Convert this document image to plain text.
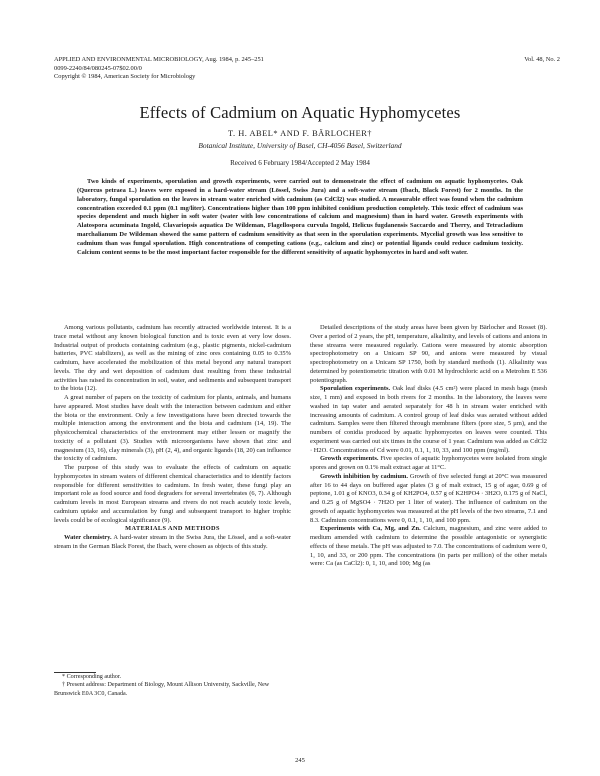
APPLIED AND ENVIRONMENTAL MICROBIOLOGY, Aug. 1984, p. 245–251
0099-2240/84/080245-07$02.00/0
Copyright © 1984, American Society for Microbiology
Vol. 48, No. 2
Effects of Cadmium on Aquatic Hyphomycetes
T. H. ABEL* AND F. BÄRLOCHER†
Botanical Institute, University of Basel, CH-4056 Basel, Switzerland
Received 6 February 1984/Accepted 2 May 1984
Two kinds of experiments, sporulation and growth experiments, were carried out to demonstrate the effect of cadmium on aquatic hyphomycetes. Oak (Quercus petraea L.) leaves were exposed in a hard-water stream (Lössel, Swiss Jura) and a soft-water stream (Ibach, Black Forest) for 2 months. In the laboratory, fungal sporulation on the leaves in stream water enriched with cadmium (as CdCl2) was studied. A measurable effect was found when the cadmium concentration exceeded 0.1 ppm (0.1 mg/liter). Concentrations higher than 100 ppm inhibited conidium production completely. This toxic effect of cadmium was species dependent and much higher in soft water (water with low concentrations of calcium and magnesium) than in hard water. Growth experiments with Alatospora acuminata Ingold, Clavariopsis aquatica De Wildeman, Flagellospora curvula Ingold, Helicus fugdanensis Saccardo and Therry, and Tetracladium marchalianum De Wildeman showed the same pattern of cadmium sensitivity as that seen in the sporulation experiments. Mycelial growth was less sensitive to cadmium than was fungal sporulation. High concentrations of competing cations (e.g., calcium and zinc) or potential ligands could reduce cadmium toxicity. Calcium content seems to be the most important factor responsible for the different sensitivity of aquatic hyphomycetes in hard and soft water.

Among various pollutants, cadmium has recently attracted worldwide interest. It is a trace metal without any known biological function and is toxic even at very low doses. Industrial output of products containing cadmium (e.g., plastic pigments, nickel-cadmium batteries, PVC stabilizers), as well as the mining of zinc ores containing 0.05 to 0.35% cadmium, have accelerated the mobilization of this metal beyond any natural transport levels. The dry and wet deposition of cadmium dust resulting from these industrial activities has raised its concentration in soil, water, and sediments and subsequent transport to the biota (12).

A great number of papers on the toxicity of cadmium for plants, animals, and humans have appeared. Most studies have dealt with the interaction between cadmium and either the biota or the environment. Only a few investigations have been directed towards the multiple interaction among the environment and the biota and cadmium (14, 19). The physicochemical characteristics of the environment may either lessen or magnify the toxicity of a pollutant (3). Studies with microorganisms have shown that zinc and magnesium (13, 16), clay minerals (3), pH (2, 4), and organic ligands (18, 20) can influence the toxicity of cadmium.

The purpose of this study was to evaluate the effects of cadmium on aquatic hyphomycetes in stream waters of different chemical characteristics and to identify factors responsible for different sensitivities to cadmium. In fresh water, these fungi play an important role as food source and food degraders for several invertebrates (6, 7). Although cadmium levels in most European streams and rivers do not reach acutely toxic levels, cadmium uptake and accumulation by fungi and subsequent transport to higher trophic levels could be of ecological significance (9).

MATERIALS AND METHODS

Water chemistry. A hard-water stream in the Swiss Jura, the Lössel, and a soft-water stream in the German Black Forest, the Ibach, were chosen as objects of this study.

* Corresponding author.

† Present address: Department of Biology, Mount Allison University, Sackville, New Brunswick E0A 3C0, Canada.

Detailed descriptions of the study areas have been given by Bärlocher and Rosset (8). Over a period of 2 years, the pH, temperature, alkalinity, and levels of cations and anions in these streams were measured regularly. Cations were measured by atomic absorption spectrophotometry on a Unicam SP 90, and anions were measured by visual spectrophotometry on a Unicam SP 1750, both by standard methods (1). Alkalinity was determined by potentiometric titration with 0.01 M hydrochloric acid on a Metrohm E 536 potentiograph.

Sporulation experiments. Oak leaf disks (4.5 cm²) were placed in mesh bags (mesh size, 1 mm) and exposed in both rivers for 2 months. In the laboratory, the leaves were washed in tap water and aerated separately for 48 h in stream water enriched with increasing amounts of cadmium. A control group of leaf disks was aerated without added cadmium. Samples were then filtered through membrane filters (pore size, 5 µm), and the numbers of conidia produced by aquatic hyphomycetes on leaves were counted. This experiment was carried out six times in the course of 1 year. Cadmium was added as CdCl2 · H2O. Concentrations of Cd were 0.01, 0.1, 1, 10, 33, and 100 ppm (mg/ml).

Growth experiments. Five species of aquatic hyphomycetes were isolated from single spores and grown on 0.1% malt extract agar at 11°C.

Growth inhibition by cadmium. Growth of five selected fungi at 20°C was measured after 16 to 44 days on buffered agar plates (3 g of malt extract, 15 g of agar, 0.69 g of peptone, 1.01 g of KNO3, 0.34 g of KH2PO4, 0.57 g of K2HPO4 · 3H2O, 0.175 g of NaCl, and 0.25 g of MgSO4 · 7H2O per 1 liter of water). The influence of cadmium on the growth of aquatic hyphomycetes was measured at the pH levels of the two streams, 7.1 and 8.3. Cadmium concentrations were 0, 0.1, 1, 10, and 100 ppm.

Experiments with Ca, Mg, and Zn. Calcium, magnesium, and zinc were added to medium amended with cadmium to determine the possible antagonistic or synergistic effects of these metals. The pH was adjusted to 7.0. The concentrations of cadmium were 0, 1, 10, and 33, or 200 ppm. The concentrations (in parts per million) of the other metals were: Ca (as CaCl2): 0, 1, 10, and 100; Mg (as

245
